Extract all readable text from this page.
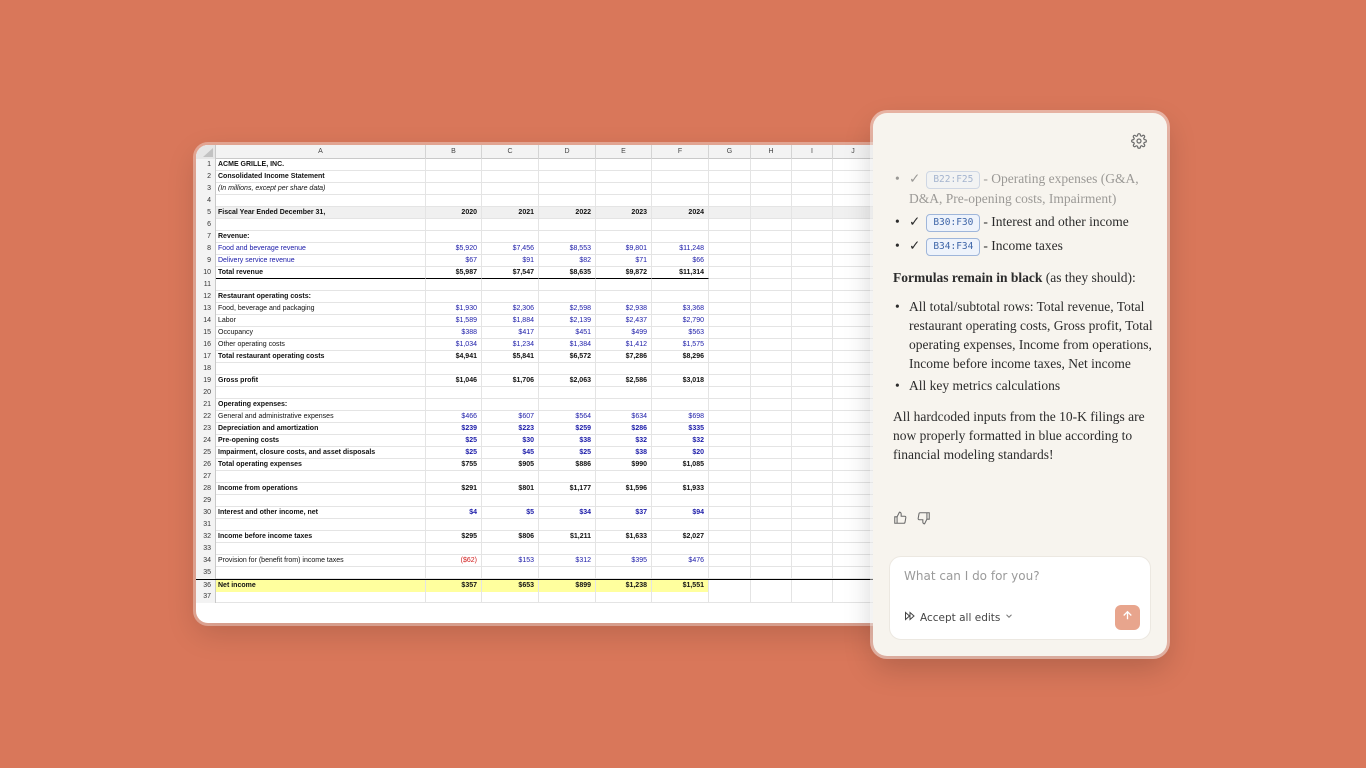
A	B	C	D	E	F	G	H	I	J
1	ACME GRILLE, INC.
2	Consolidated Income Statement
3	(In millions, except per share data)
4
5	Fiscal Year Ended December 31,	2020	2021	2022	2023	2024
6
7	Revenue:
8	Food and beverage revenue	$5,920	$7,456	$8,553	$9,801	$11,248
9	Delivery service revenue	$67	$91	$82	$71	$66
10	Total revenue	$5,987	$7,547	$8,635	$9,872	$11,314
11
12	Restaurant operating costs:
13	Food, beverage and packaging	$1,930	$2,306	$2,598	$2,938	$3,368
14	Labor	$1,589	$1,884	$2,139	$2,437	$2,790
15	Occupancy	$388	$417	$451	$499	$563
16	Other operating costs	$1,034	$1,234	$1,384	$1,412	$1,575
17	Total restaurant operating costs	$4,941	$5,841	$6,572	$7,286	$8,296
18
19	Gross profit	$1,046	$1,706	$2,063	$2,586	$3,018
20
21	Operating expenses:
22	General and administrative expenses	$466	$607	$564	$634	$698
23	Depreciation and amortization	$239	$223	$259	$286	$335
24	Pre-opening costs	$25	$30	$38	$32	$32
25	Impairment, closure costs, and asset disposals	$25	$45	$25	$38	$20
26	Total operating expenses	$755	$905	$886	$990	$1,085
27
28	Income from operations	$291	$801	$1,177	$1,596	$1,933
29
30	Interest and other income, net	$4	$5	$34	$37	$94
31
32	Income before income taxes	$295	$806	$1,211	$1,633	$2,027
33
34	Provision for (benefit from) income taxes	($62)	$153	$312	$395	$476
35
36	Net income	$357	$653	$899	$1,238	$1,551
37
• ✓ B22:F25 - Operating expenses (G&A, D&A, Pre-opening costs, Impairment)
• ✓ B30:F30 - Interest and other income
• ✓ B34:F34 - Income taxes
Formulas remain in black (as they should):
• All total/subtotal rows: Total revenue, Total restaurant operating costs, Gross profit, Total operating expenses, Income from operations, Income before income taxes, Net income
• All key metrics calculations
All hardcoded inputs from the 10-K filings are now properly formatted in blue according to financial modeling standards!
What can I do for you?
Accept all edits
